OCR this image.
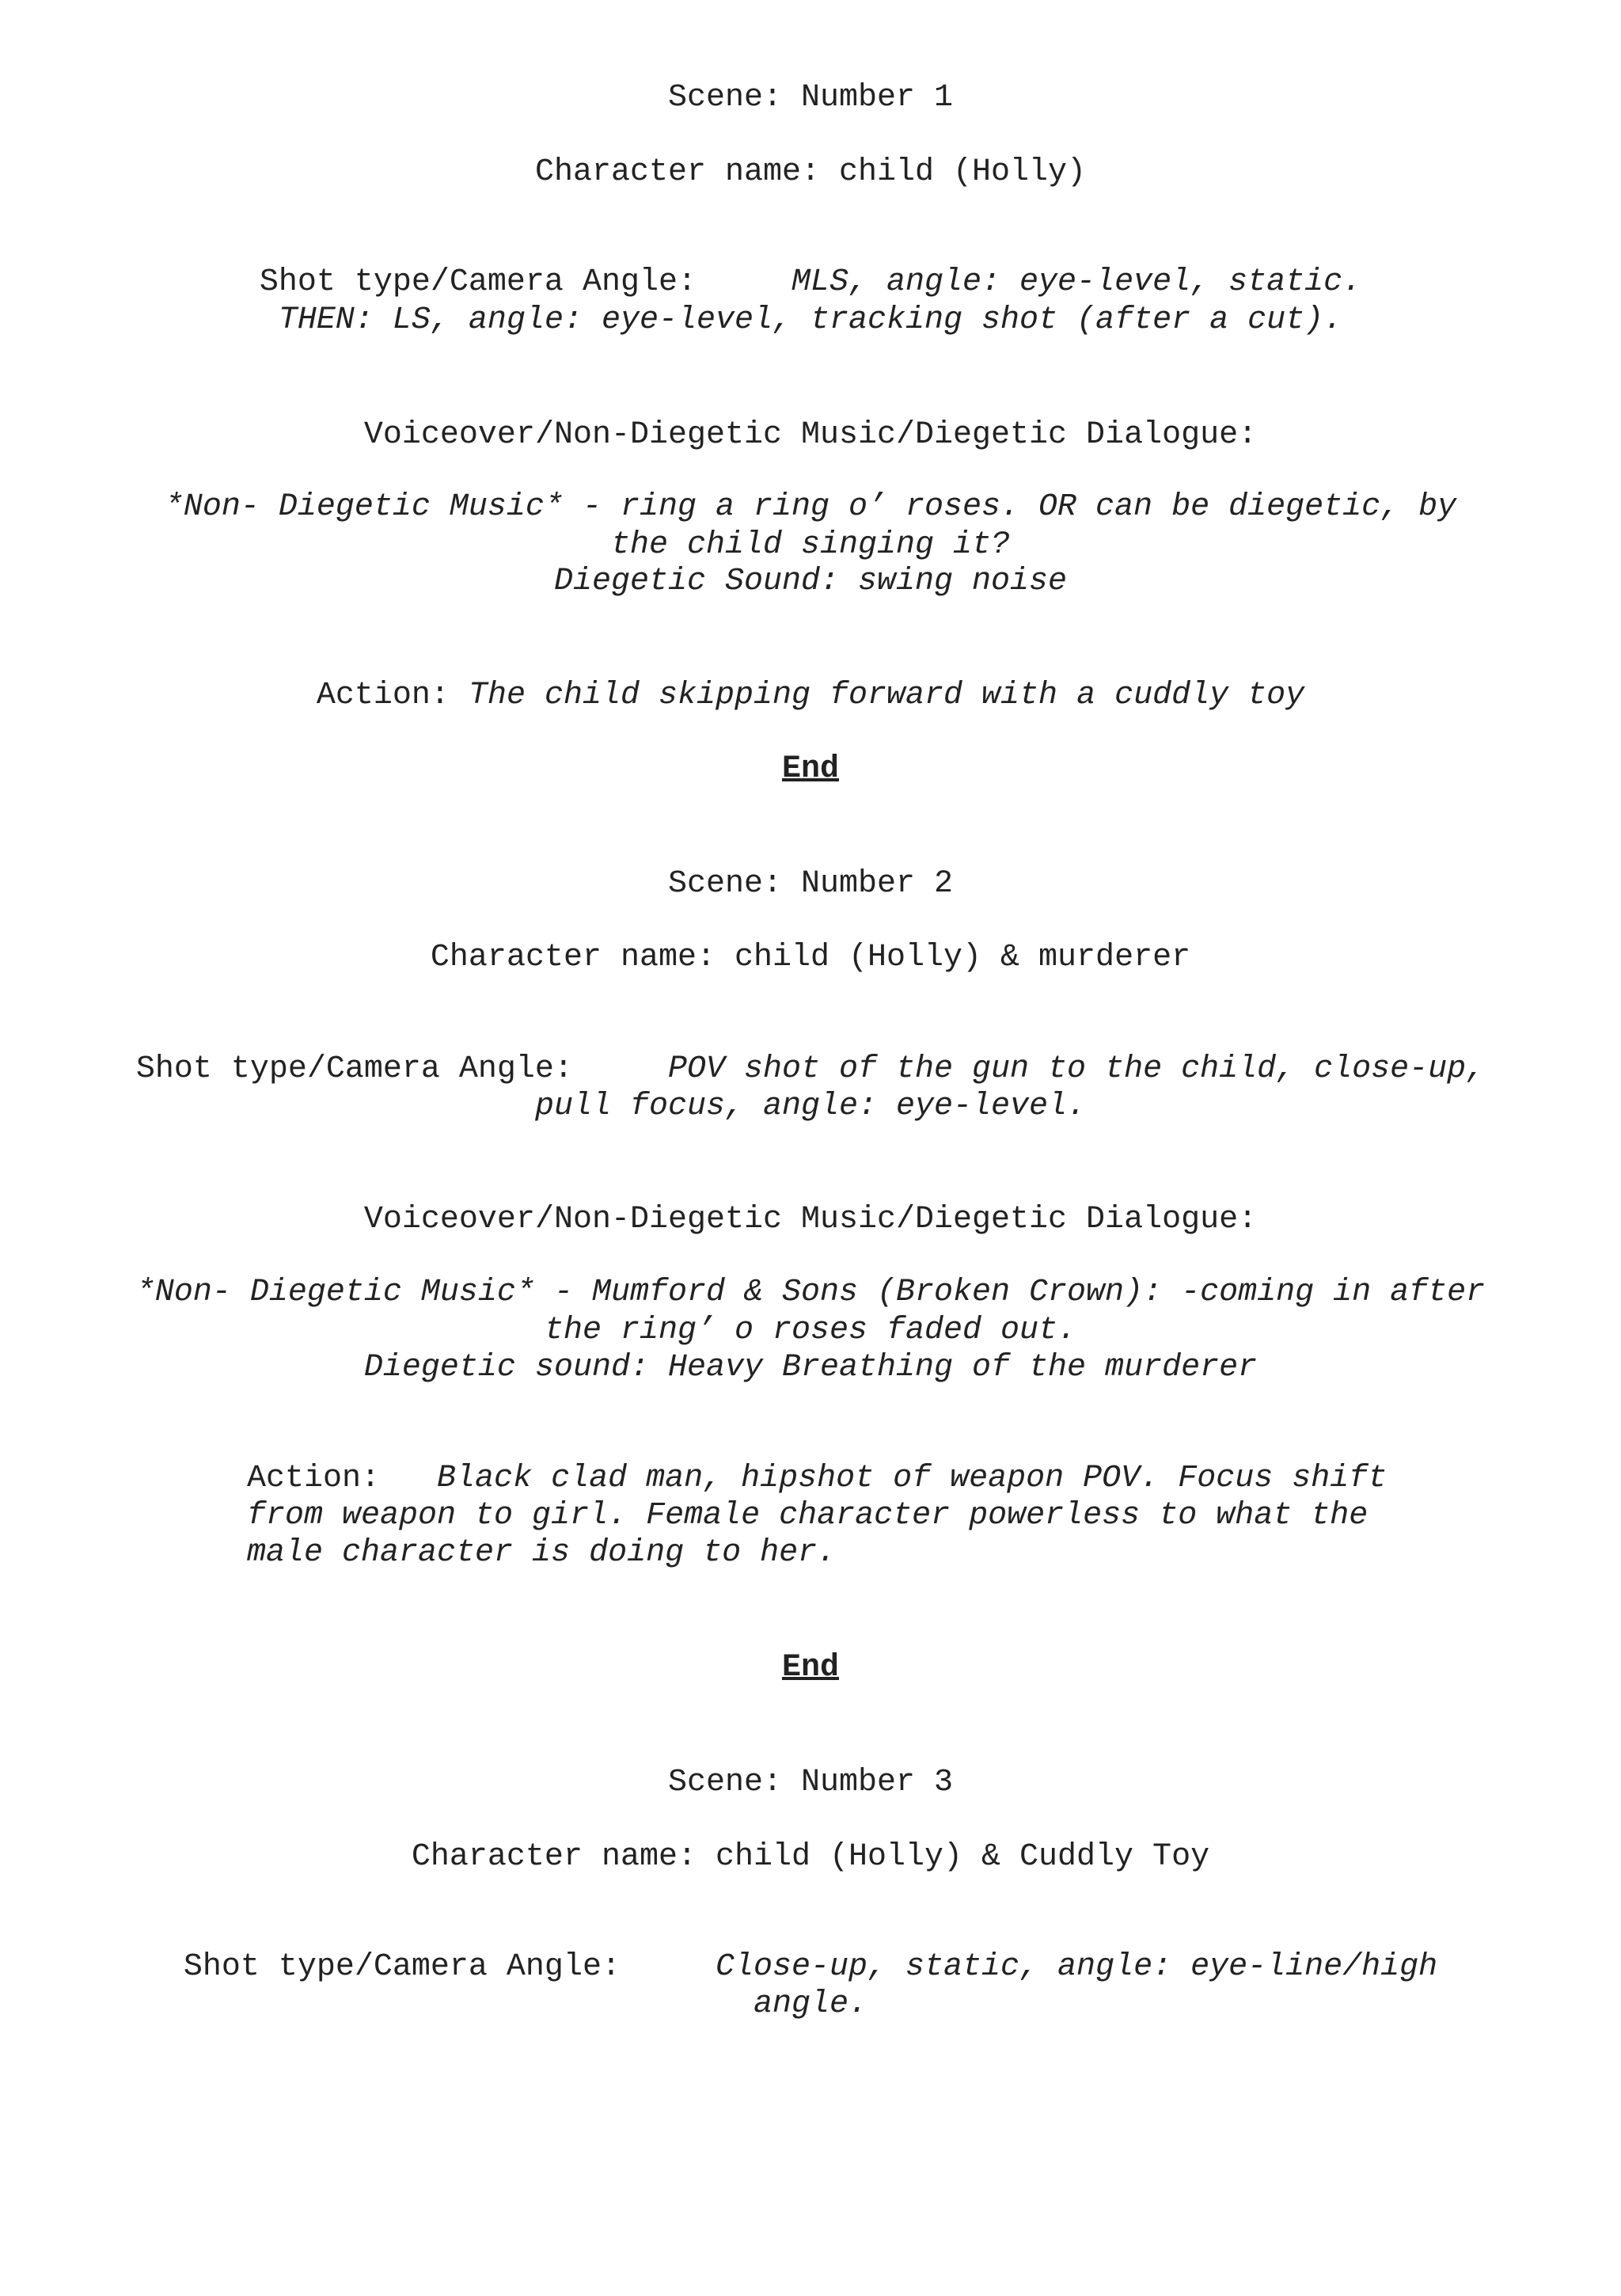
Scene: Number 1
Character name: child (Holly)
Shot type/Camera Angle:	MLS, angle: eye-level, static.
THEN: LS, angle: eye-level, tracking shot (after a cut).
Voiceover/Non-Diegetic Music/Diegetic Dialogue:
*Non- Diegetic Music* - ring a ring o’ roses. OR can be diegetic, by
the child singing it?
Diegetic Sound: swing noise
Action: The child skipping forward with a cuddly toy
End
Scene: Number 2
Character name: child (Holly) & murderer
Shot type/Camera Angle:	POV shot of the gun to the child, close-up,
pull focus, angle: eye-level.
Voiceover/Non-Diegetic Music/Diegetic Dialogue:
*Non- Diegetic Music* - Mumford & Sons (Broken Crown): -coming in after
the ring’ o roses faded out.
Diegetic sound: Heavy Breathing of the murderer
Action: Black clad man, hipshot of weapon POV. Focus shift
from weapon to girl. Female character powerless to what the
male character is doing to her.
End
Scene: Number 3
Character name: child (Holly) & Cuddly Toy
Shot type/Camera Angle:	Close-up, static, angle: eye-line/high
angle.
